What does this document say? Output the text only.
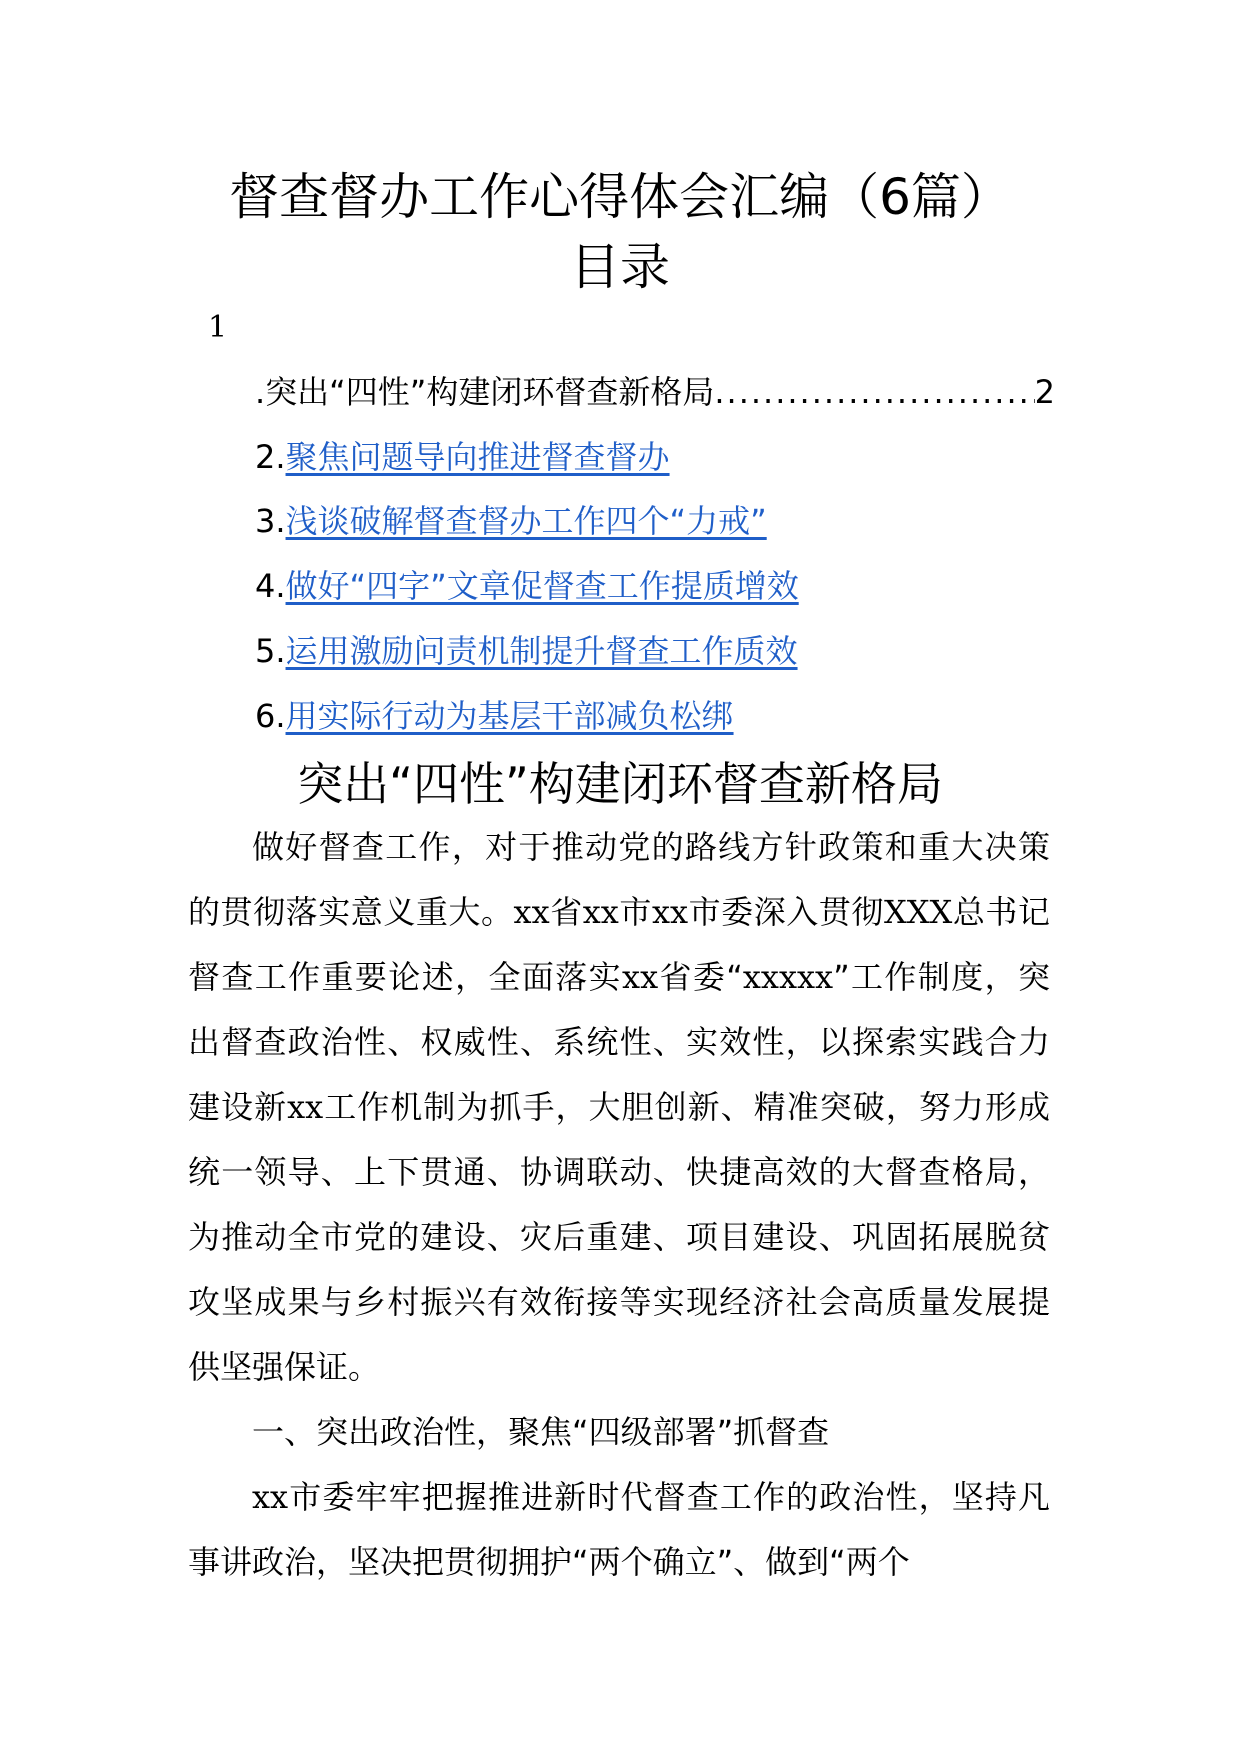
督查督办工作心得体会汇编（6篇）
目录
1
. 突出“四性”构建闭环督查新格局
.....	2
2.聚焦问题导向推进督查督办
3.浅谈破解督查督办工作四个“力戒”
4.做好“四字”文章促督查工作提质增效
5.运用激励问责机制提升督查工作质效
6.用实际行动为基层干部减负松绑
突出“四性”构建闭环督查新格局

做好督查工作，对于推动党的路线方针政策和重大决策的贯彻落实意义重大。xx省xx市xx市委深入贯彻XXX总书记督查工作重要论述，全面落实xx省委“xxxxx”工作制度，突出督查政治性、权威性、系统性、实效性，以探索实践合力建设新xx工作机制为抓手，大胆创新、精准突破，努力形成统一领导、上下贯通、协调联动、快捷高效的大督查格局，为推动全市党的建设、灾后重建、项目建设、巩固拓展脱贫攻坚成果与乡村振兴有效衔接等实现经济社会高质量发展提供坚强保证。

一、突出政治性，聚焦“四级部署”抓督查

xx市委牢牢把握推进新时代督查工作的政治性，坚持凡事讲政治，坚决把贯彻拥护“两个确立”、做到“两个
